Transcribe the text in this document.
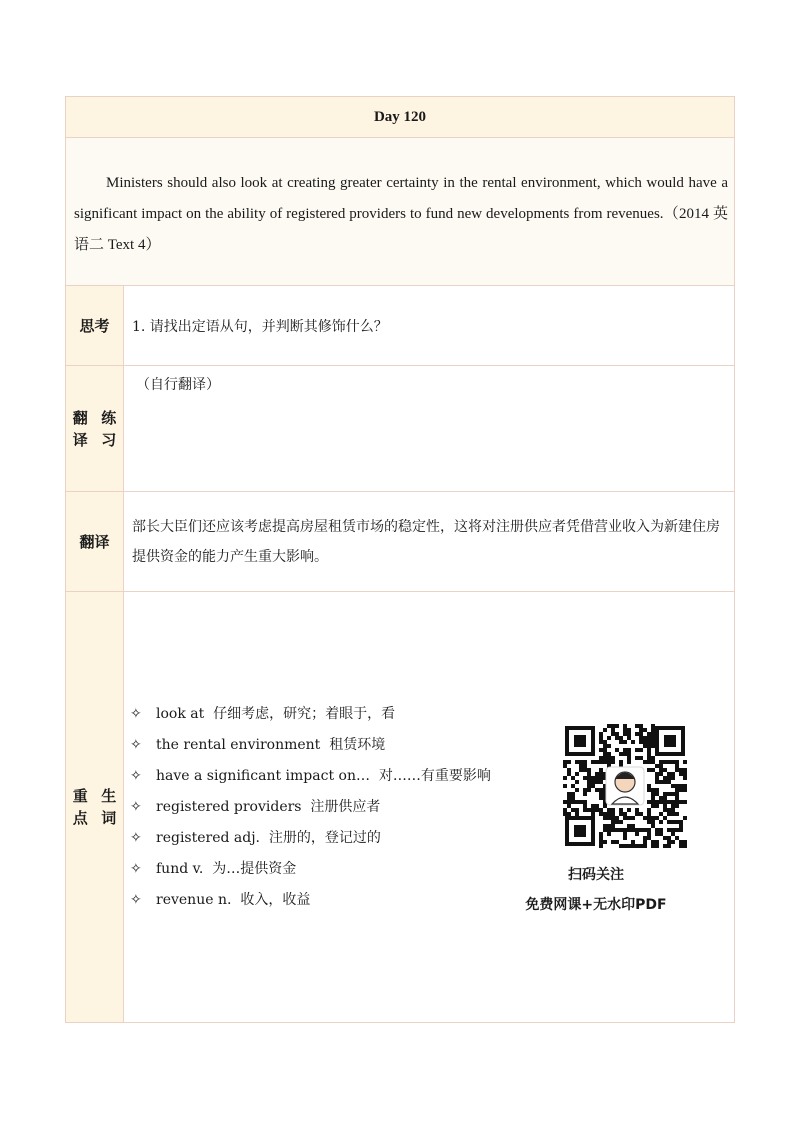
Day 120

Ministers should also look at creating greater certainty in the rental environment, which would have a significant impact on the ability of registered providers to fund new developments from revenues.（2014 英语二 Text 4）

思考	1. 请找出定语从句，并判断其修饰什么？
翻译

练习
（自行翻译）
翻译
部长大臣们还应该考虑提高房屋租赁市场的稳定性，这将对注册供应者凭借营业收入为新建住房提供资金的能力产生重大影响。
重点

生词
✧ look at 仔细考虑，研究；着眼于，看
✧ the rental environment 租赁环境
✧ have a significant impact on… 对……有重要影响
✧ registered providers 注册供应者
✧ registered adj. 注册的，登记过的
✧ fund v. 为…提供资金
✧ revenue n. 收入，收益
扫码关注
免费网课+无水印PDF
